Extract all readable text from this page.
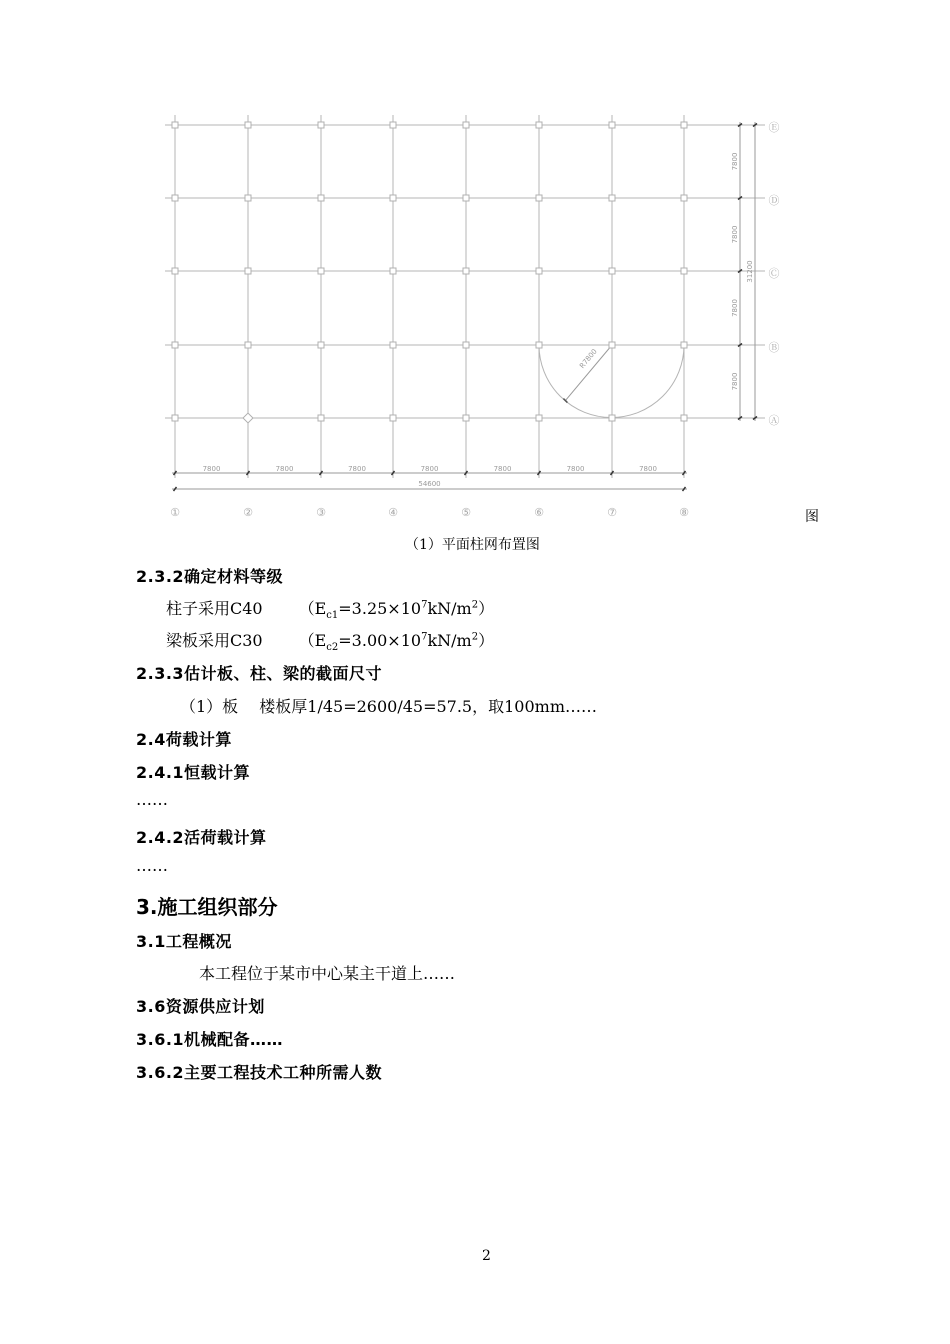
R7800
7800	7800	7800	7800	7800	7800	7800
54600
7800
7800
7800
7800
31200
①	②	③	④	⑤	⑥	⑦	⑧
Ⓐ
Ⓑ
Ⓒ
Ⓓ
Ⓔ
图
（1）平面柱网布置图
2.3.2确定材料等级
柱子采用C40 $(E_{c1}=3.25\times 10^7kN/m^2)$
梁板采用C30 $(E_{c2}=3.00\times 10^7kN/m^2)$
2.3.3估计板、柱、梁的截面尺寸
（1）板　 楼板厚1/45=2600/45=57.5，取100mm……
2.4荷载计算
2.4.1恒载计算
……
2.4.2活荷载计算
……
3.施工组织部分
3.1工程概况
本工程位于某市中心某主干道上……
3.6资源供应计划
3.6.1机械配备……
3.6.2主要工程技术工种所需人数
2
